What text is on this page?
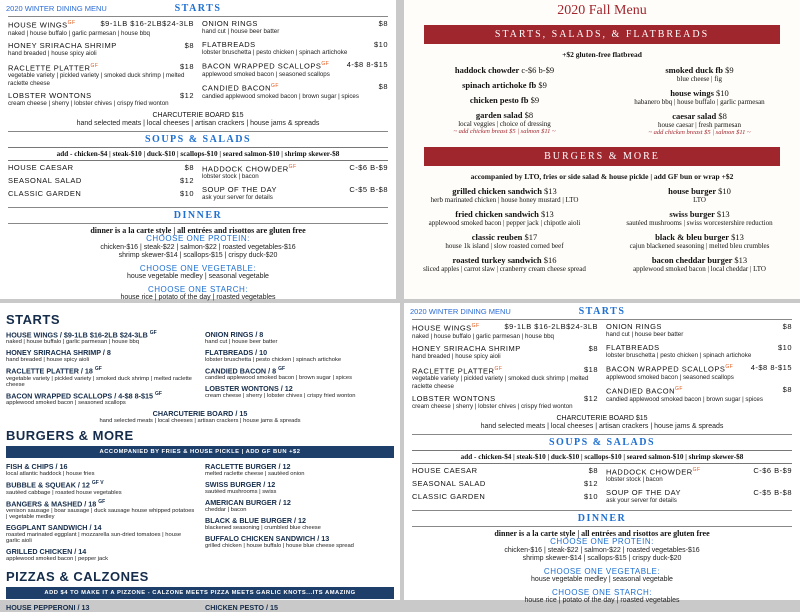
2020 WINTER DINING MENU	STARTS
HOUSE $WINGS^{GF}$	$9-1LB $16-2LB$24-3LB
naked | house buffalo | garlic parmesan | house bbq
HONEY SRIRACHA SHRIMP	$8
hand breaded | house spicy aioli
RACLETTE $PLATTER^{GF}$	$18
vegetable variety | pickled variety | smoked duck shrimp | melted raclette cheese
LOBSTER WONTONS	$12
cream cheese | sherry | lobster chives | crispy fried wonton
ONION RINGS	$8
hand cut | house beer batter
FLATBREADS	$10
lobster bruschetta | pesto chicken | spinach artichoke
BACON WRAPPED $SCALLOPS^{GF}$ 4-$8 8-$15
applewood smoked bacon | seasoned scallops
CANDIED $BACON^{GF}$	$8
candied applewood smoked bacon | brown sugar | spices
CHARCUTERIE BOARD $15
hand selected meats | local cheeses | artisan crackers | house jams & spreads
SOUPS & SALADS
add - chicken-$4 | steak-$10 | duck-$10 | scallops-$10 | seared salmon-$10 | shrimp skewer-$8
HOUSE CAESAR	$8
SEASONAL SALAD	$12
CLASSIC GARDEN	$10
HADDOCK $CHOWDER^{GF}$	C-$6 B-$9
lobster stock | bacon
SOUP OF THE DAY	C-$5 B-$8
ask your server for details
DINNER
dinner is a la carte style | all entrées and risottos are gluten free
CHOOSE ONE PROTEIN:
chicken-$16 | steak-$22 | salmon-$22 | roasted vegetables-$16
shrimp skewer-$14 | scallops-$15 | crispy duck-$20
CHOOSE ONE VEGETABLE:
house vegetable medley | seasonal vegetable
CHOOSE ONE STARCH:
house rice | potato of the day | roasted vegetables
2020 Fall Menu
STARTS, SALADS, & FLATBREADS
+$2 gluten-free flatbread
haddock chowder c-$6 b-$9
spinach artichoke fb $9
chicken pesto fb $9
garden salad $8
local veggies | choice of dressing
~ add chicken breast $5 | salmon $11 ~
smoked duck fb $9
blue cheese | fig
house wings $10
habanero bbq | house buffalo | garlic parmesan
caesar salad $8
house caesar | fresh parmesan
~ add chicken breast $5 | salmon $11 ~
BURGERS & MORE
accompanied by LTO, fries or side salad & house pickle | add GF bun or wrap +$2
grilled chicken sandwich $13
herb marinated chicken | house honey mustard | LTO
fried chicken sandwich $13
applewood smoked bacon | pepper jack | chipotle aioli
classic reuben $17
house 1k island | slow roasted corned beef
roasted turkey sandwich $16
sliced apples | carrot slaw | cranberry cream cheese spread
house burger $10
LTO
swiss burger $13
sautéed mushrooms | swiss worcestershire reduction
black & bleu burger $13
cajun blackened seasoning | melted bleu crumbles
bacon cheddar burger $13
applewood smoked bacon | local cheddar | LTO
STARTS
HOUSE WINGS / $9-1LB $16-2LB $24-3LB $^{GF}$
naked | house buffalo | garlic parmesan | house bbq
HONEY SRIRACHA SHRIMP / 8
hand breaded | house spicy aioli
RACLETTE PLATTER / 18 $^{GF}$
vegetable variety | pickled variety | smoked duck shrimp | melted raclette cheese
BACON WRAPPED SCALLOPS / 4-$8 8-$15 $^{GF}$
applewood smoked bacon | seasoned scallops
ONION RINGS / 8
hand cut | house beer batter
FLATBREADS / 10
lobster bruschetta | pesto chicken | spinach artichoke
CANDIED BACON / 8 $^{GF}$
candied applewood smoked bacon | brown sugar | spices
LOBSTER WONTONS / 12
cream cheese | sherry | lobster chives | crispy fried wonton
CHARCUTERIE BOARD / 15
hand selected meats | local cheeses | artisan crackers | house jams & spreads
BURGERS & MORE
ACCOMPANIED BY FRIES & HOUSE PICKLE | ADD GF BUN +$2
FISH & CHIPS / 16
local atlantic haddock | house fries
BUBBLE & SQUEAK / 12 $^{GF V}$
sautéed cabbage | roasted house vegetables
BANGERS & MASHED / 18 $^{GF}$
venison sausage | boar sausage | duck sausage house whipped potatoes | vegetable medley
EGGPLANT SANDWICH / 14
roasted marinated eggplant | mozzarella sun-dried tomatoes | house garlic aioli
GRILLED CHICKEN / 14
applewood smoked bacon | pepper jack
RACLETTE BURGER / 12
melted raclette cheese | sautéed onion
SWISS BURGER / 12
sautéed mushrooms | swiss
AMERICAN BURGER / 12
cheddar | bacon
BLACK & BLUE BURGER / 12
blackened seasoning | crumbled blue cheese
BUFFALO CHICKEN SANDWICH / 13
grilled chicken | house buffalo | house blue cheese spread
PIZZAS & CALZONES
ADD $4 TO MAKE IT A PIZZONE - CALZONE MEETS PIZZA MEETS GARLIC KNOTS...ITS AMAZING
HOUSE PEPPERONI / 13	CHICKEN PESTO / 15
2020 WINTER DINING MENU	STARTS
HOUSE $WINGS^{GF}$	$9-1LB $16-2LB$24-3LB
naked | house buffalo | garlic parmesan | house bbq
HONEY SRIRACHA SHRIMP	$8
hand breaded | house spicy aioli
RACLETTE $PLATTER^{GF}$	$18
vegetable variety | pickled variety | smoked duck shrimp | melted raclette cheese
LOBSTER WONTONS	$12
cream cheese | sherry | lobster chives | crispy fried wonton
ONION RINGS	$8
hand cut | house beer batter
FLATBREADS	$10
lobster bruschetta | pesto chicken | spinach artichoke
BACON WRAPPED $SCALLOPS^{GF}$ 4-$8 8-$15
applewood smoked bacon | seasoned scallops
CANDIED $BACON^{GF}$	$8
candied applewood smoked bacon | brown sugar | spices
CHARCUTERIE BOARD $15
hand selected meats | local cheeses | artisan crackers | house jams & spreads
SOUPS & SALADS
add - chicken-$4 | steak-$10 | duck-$10 | scallops-$10 | seared salmon-$10 | shrimp skewer-$8
HOUSE CAESAR	$8
SEASONAL SALAD	$12
CLASSIC GARDEN	$10
HADDOCK $CHOWDER^{GF}$	C-$6 B-$9
lobster stock | bacon
SOUP OF THE DAY	C-$5 B-$8
ask your server for details
DINNER
dinner is a la carte style | all entrées and risottos are gluten free
CHOOSE ONE PROTEIN:
chicken-$16 | steak-$22 | salmon-$22 | roasted vegetables-$16
shrimp skewer-$14 | scallops-$15 | crispy duck-$20
CHOOSE ONE VEGETABLE:
house vegetable medley | seasonal vegetable
CHOOSE ONE STARCH:
house rice | potato of the day | roasted vegetables
